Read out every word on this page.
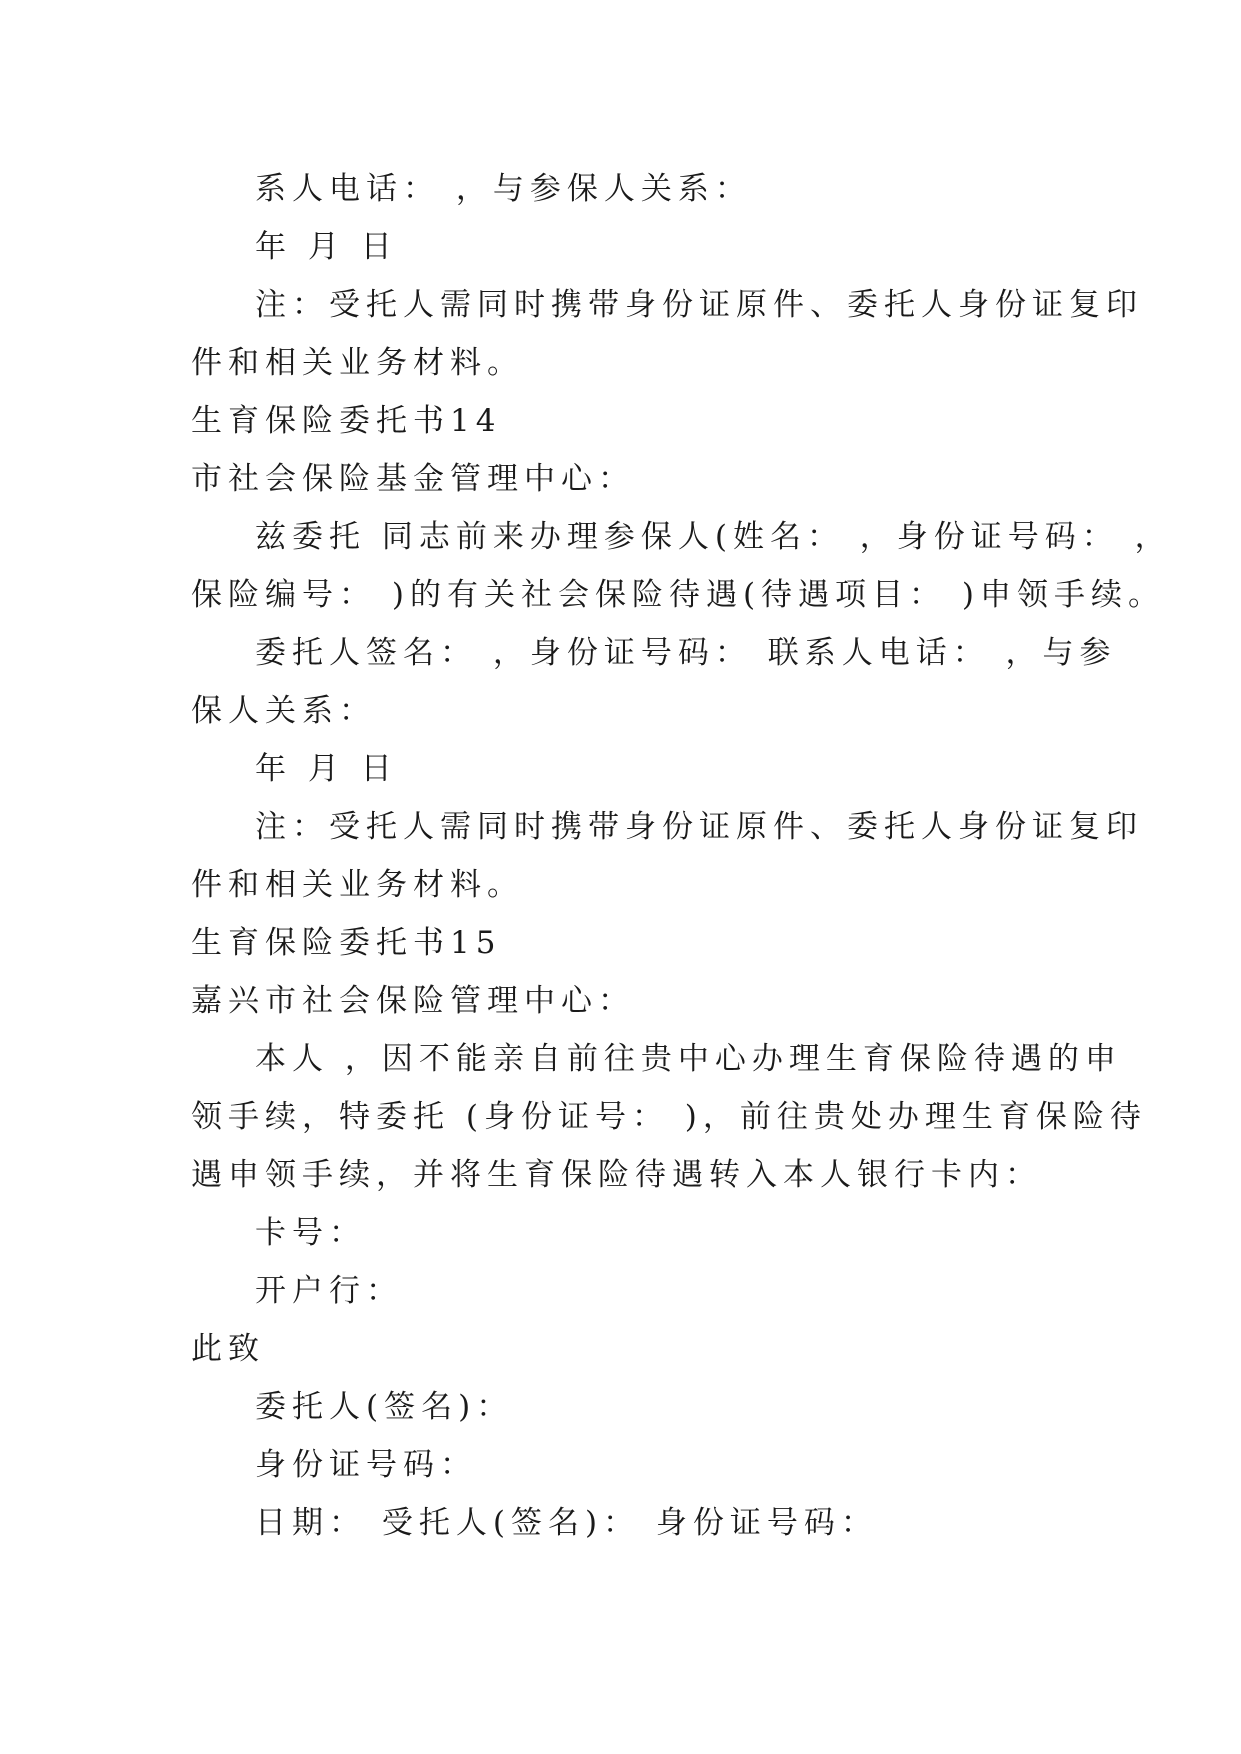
系人电话： ，与参保人关系：
年 月 日
注：受托人需同时携带身份证原件、委托人身份证复印
件和相关业务材料。
生育保险委托书14
市社会保险基金管理中心：
兹委托 同志前来办理参保人(姓名： ，身份证号码： ，
保险编号： )的有关社会保险待遇(待遇项目： )申领手续。
委托人签名： ，身份证号码： 联系人电话： ，与参
保人关系：
年 月 日
注：受托人需同时携带身份证原件、委托人身份证复印
件和相关业务材料。
生育保险委托书15
嘉兴市社会保险管理中心：
本人 ，因不能亲自前往贵中心办理生育保险待遇的申
领手续，特委托 (身份证号： )，前往贵处办理生育保险待
遇申领手续，并将生育保险待遇转入本人银行卡内：
卡号：
开户行：
此致
委托人(签名)：
身份证号码：
日期： 受托人(签名)： 身份证号码：
